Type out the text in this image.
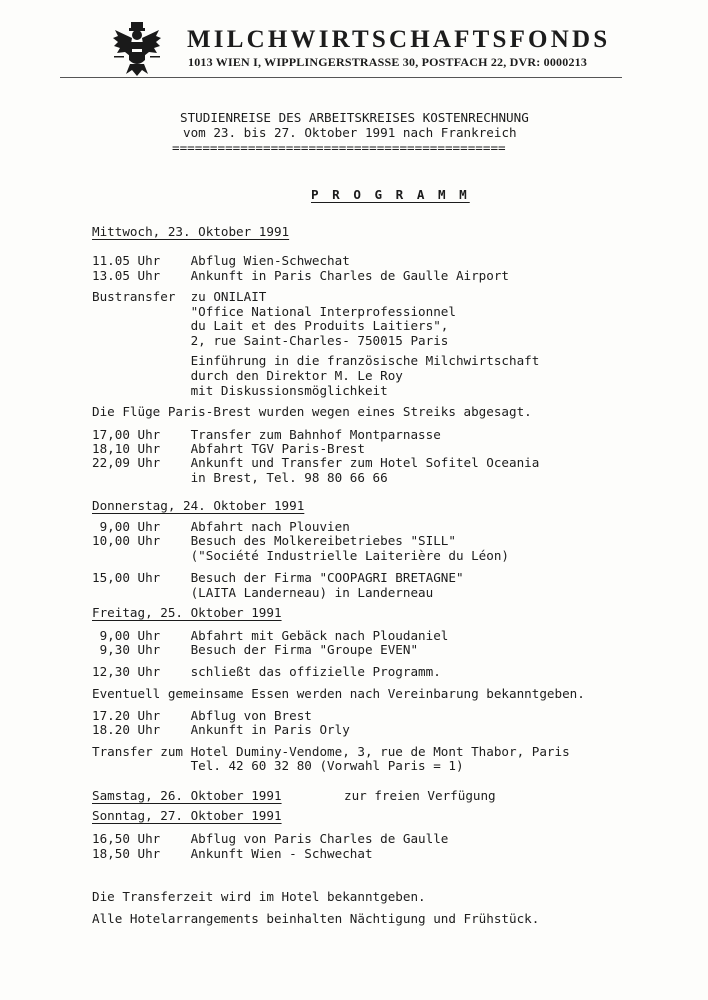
MILCHWIRTSCHAFTSFONDS
1013 WIEN I, WIPPLINGERSTRASSE 30, POSTFACH 22, DVR: 0000213
STUDIENREISE DES ARBEITSKREISES KOSTENRECHNUNG
vom 23. bis 27. Oktober 1991 nach Frankreich
============================================
P R O G R A M M
Mittwoch, 23. Oktober 1991
11.05 Uhr    Abflug Wien-Schwechat
13.05 Uhr    Ankunft in Paris Charles de Gaulle Airport
Bustransfer  zu ONILAIT
"Office National Interprofessionnel
du Lait et des Produits Laitiers",
2, rue Saint-Charles- 750015 Paris
Einführung in die französische Milchwirtschaft
durch den Direktor M. Le Roy
mit Diskussionsmöglichkeit
Die Flüge Paris-Brest wurden wegen eines Streiks abgesagt.
17,00 Uhr    Transfer zum Bahnhof Montparnasse
18,10 Uhr    Abfahrt TGV Paris-Brest
22,09 Uhr    Ankunft und Transfer zum Hotel Sofitel Oceania
in Brest, Tel. 98 80 66 66
Donnerstag, 24. Oktober 1991
9,00 Uhr    Abfahrt nach Plouvien
10,00 Uhr    Besuch des Molkereibetriebes "SILL"
("Société Industrielle Laiterière du Léon)
15,00 Uhr    Besuch der Firma "COOPAGRI BRETAGNE"
(LAITA Landerneau) in Landerneau
Freitag, 25. Oktober 1991
9,00 Uhr    Abfahrt mit Gebäck nach Ploudaniel
9,30 Uhr    Besuch der Firma "Groupe EVEN"
12,30 Uhr    schließt das offizielle Programm.
Eventuell gemeinsame Essen werden nach Vereinbarung bekanntgeben.
17.20 Uhr    Abflug von Brest
18.20 Uhr    Ankunft in Paris Orly
Transfer zum Hotel Duminy-Vendome, 3, rue de Mont Thabor, Paris
Tel. 42 60 32 80 (Vorwahl Paris = 1)
Samstag, 26. Oktober 1991	zur freien Verfügung
Sonntag, 27. Oktober 1991
16,50 Uhr    Abflug von Paris Charles de Gaulle
18,50 Uhr    Ankunft Wien - Schwechat
Die Transferzeit wird im Hotel bekanntgeben.
Alle Hotelarrangements beinhalten Nächtigung und Frühstück.
